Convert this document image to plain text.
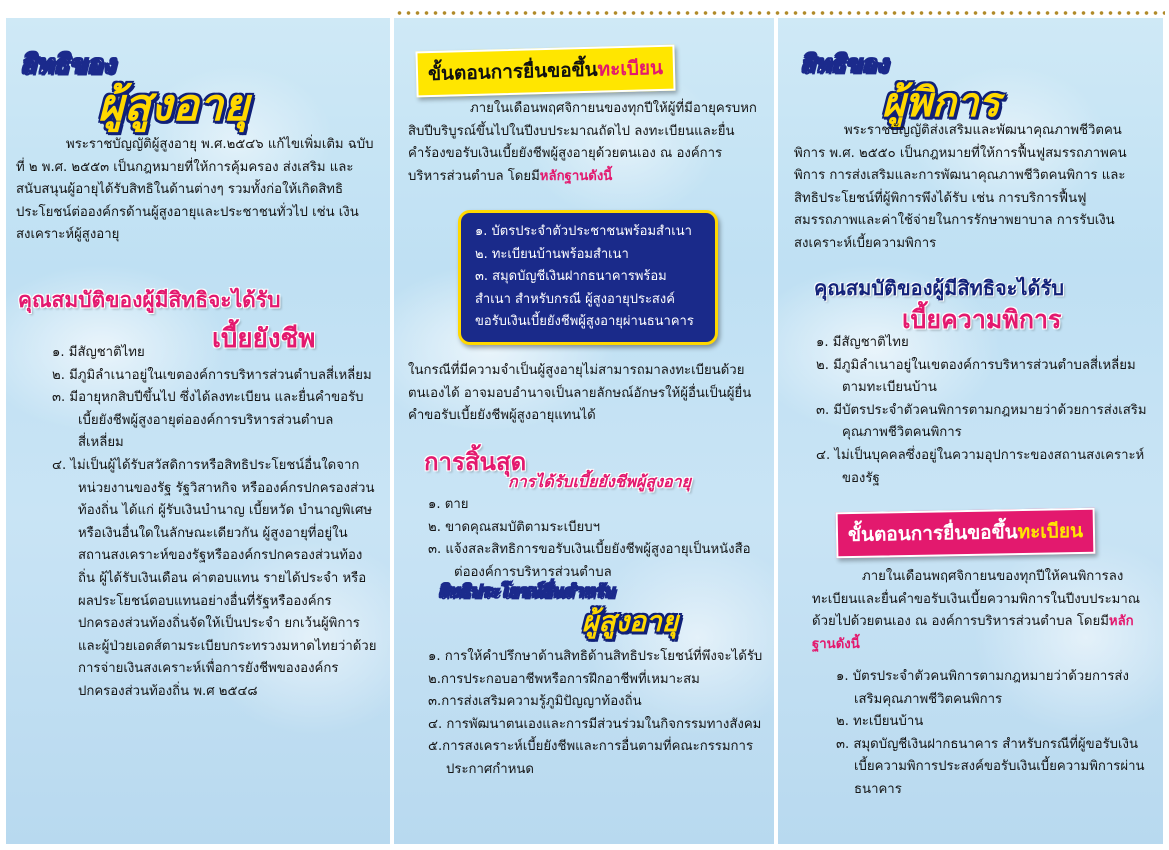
สิทธิของ
ผู้สูงอายุ

พระราชบัญญัติผู้สูงอายุ พ.ศ.๒๕๔๖ แก้ไขเพิ่มเติม ฉบับที่ ๒ พ.ศ. ๒๕๕๓ เป็นกฎหมายที่ให้การคุ้มครอง ส่งเสริม และสนับสนุนผู้อายุได้รับสิทธิในด้านต่างๆ รวมทั้งก่อให้เกิดสิทธิประโยชน์ต่อองค์กรด้านผู้สูงอายุและประชาชนทั่วไป เช่น เงินสงเคราะห์ผู้สูงอายุ

คุณสมบัติของผู้มีสิทธิจะได้รับ
เบี้ยยังชีพ
๑. มีสัญชาติไทย
๒. มีภูมิลำเนาอยู่ในเขตองค์การบริหารส่วนตำบลสี่เหลี่ยม
๓. มีอายุหกสิบปีขึ้นไป ซึ่งได้ลงทะเบียน และยื่นคำขอรับเบี้ยยังชีพผู้สูงอายุต่อองค์การบริหารส่วนตำบลสี่เหลี่ยม
๔. ไม่เป็นผู้ได้รับสวัสดิการหรือสิทธิประโยชน์อื่นใดจากหน่วยงานของรัฐ รัฐวิสาหกิจ หรือองค์กรปกครองส่วนท้องถิ่น ได้แก่ ผู้รับเงินบำนาญ เบี้ยหวัด บำนาญพิเศษ หรือเงินอื่นใดในลักษณะเดียวกัน ผู้สูงอายุที่อยู่ในสถานสงเคราะห์ของรัฐหรือองค์กรปกครองส่วนท้องถิ่น ผู้ได้รับเงินเดือน ค่าตอบแทน รายได้ประจำ หรือผลประโยชน์ตอบแทนอย่างอื่นที่รัฐหรือองค์กรปกครองส่วนท้องถิ่นจัดให้เป็นประจำ ยกเว้นผู้พิการและผู้ป่วยเอดส์ตามระเบียบกระทรวงมหาดไทยว่าด้วยการจ่ายเงินสงเคราะห์เพื่อการยังชีพขององค์กรปกครองส่วนท้องถิ่น พ.ศ ๒๕๔๘
ขั้นตอนการยื่นขอขึ้นทะเบียน

ภายในเดือนพฤศจิกายนของทุกปีให้ผู้ที่มีอายุครบหกสิบปีบริบูรณ์ขึ้นไปในปีงบประมาณถัดไป ลงทะเบียนและยื่นคำร้องขอรับเงินเบี้ยยังชีพผู้สูงอายุด้วยตนเอง ณ องค์การบริหารส่วนตำบล โดยมีหลักฐานดังนี้

๑. บัตรประจำตัวประชาชนพร้อมสำเนา
๒. ทะเบียนบ้านพร้อมสำเนา
๓. สมุดบัญชีเงินฝากธนาคารพร้อมสำเนา สำหรับกรณี ผู้สูงอายุประสงค์ขอรับเงินเบี้ยยังชีพผู้สูงอายุผ่านธนาคาร

ในกรณีที่มีความจำเป็นผู้สูงอายุไม่สามารถมาลงทะเบียนด้วยตนเองได้ อาจมอบอำนาจเป็นลายลักษณ์อักษรให้ผู้อื่นเป็นผู้ยื่นคำขอรับเบี้ยยังชีพผู้สูงอายุแทนได้

การสิ้นสุด
การได้รับเบี้ยยังชีพผู้สูงอายุ
๑. ตาย
๒. ขาดคุณสมบัติตามระเบียบฯ
๓. แจ้งสละสิทธิการขอรับเงินเบี้ยยังชีพผู้สูงอายุเป็นหนังสือต่อองค์การบริหารส่วนตำบล
สิทธิประโยชน์อื่นสำหรับ
ผู้สูงอายุ
๑. การให้คำปรึกษาด้านสิทธิด้านสิทธิประโยชน์ที่พึงจะได้รับ
๒.การประกอบอาชีพหรือการฝึกอาชีพที่เหมาะสม
๓.การส่งเสริมความรู้ภูมิปัญญาท้องถิ่น
๔. การพัฒนาตนเองและการมีส่วนร่วมในกิจกรรมทางสังคม
๕.การสงเคราะห์เบี้ยยังชีพและการอื่นตามที่คณะกรรมการประกาศกำหนด
สิทธิของ
ผู้พิการ

พระราชบัญญัติส่งเสริมและพัฒนาคุณภาพชีวิตคนพิการ พ.ศ. ๒๕๕๐ เป็นกฎหมายที่ให้การฟื้นฟูสมรรถภาพคนพิการ การส่งเสริมและการพัฒนาคุณภาพชีวิตคนพิการ และสิทธิประโยชน์ที่ผู้พิการพึงได้รับ เช่น การบริการฟื้นฟูสมรรถภาพและค่าใช้จ่ายในการรักษาพยาบาล การรับเงินสงเคราะห์เบี้ยความพิการ

คุณสมบัติของผู้มีสิทธิจะได้รับ
เบี้ยความพิการ
๑. มีสัญชาติไทย
๒. มีภูมิลำเนาอยู่ในเขตองค์การบริหารส่วนตำบลสี่เหลี่ยมตามทะเบียนบ้าน
๓. มีบัตรประจำตัวคนพิการตามกฎหมายว่าด้วยการส่งเสริมคุณภาพชีวิตคนพิการ
๔. ไม่เป็นบุคคลซึ่งอยู่ในความอุปการะของสถานสงเคราะห์ของรัฐ
ขั้นตอนการยื่นขอขึ้นทะเบียน

ภายในเดือนพฤศจิกายนของทุกปีให้คนพิการลงทะเบียนและยื่นคำขอรับเงินเบี้ยความพิการในปีงบประมาณด้วยไปด้วยตนเอง ณ องค์การบริหารส่วนตำบล โดยมีหลักฐานดังนี้

๑. บัตรประจำตัวคนพิการตามกฎหมายว่าด้วยการส่งเสริมคุณภาพชีวิตคนพิการ
๒. ทะเบียนบ้าน
๓. สมุดบัญชีเงินฝากธนาคาร สำหรับกรณีที่ผู้ขอรับเงินเบี้ยความพิการประสงค์ขอรับเงินเบี้ยความพิการผ่านธนาคาร
